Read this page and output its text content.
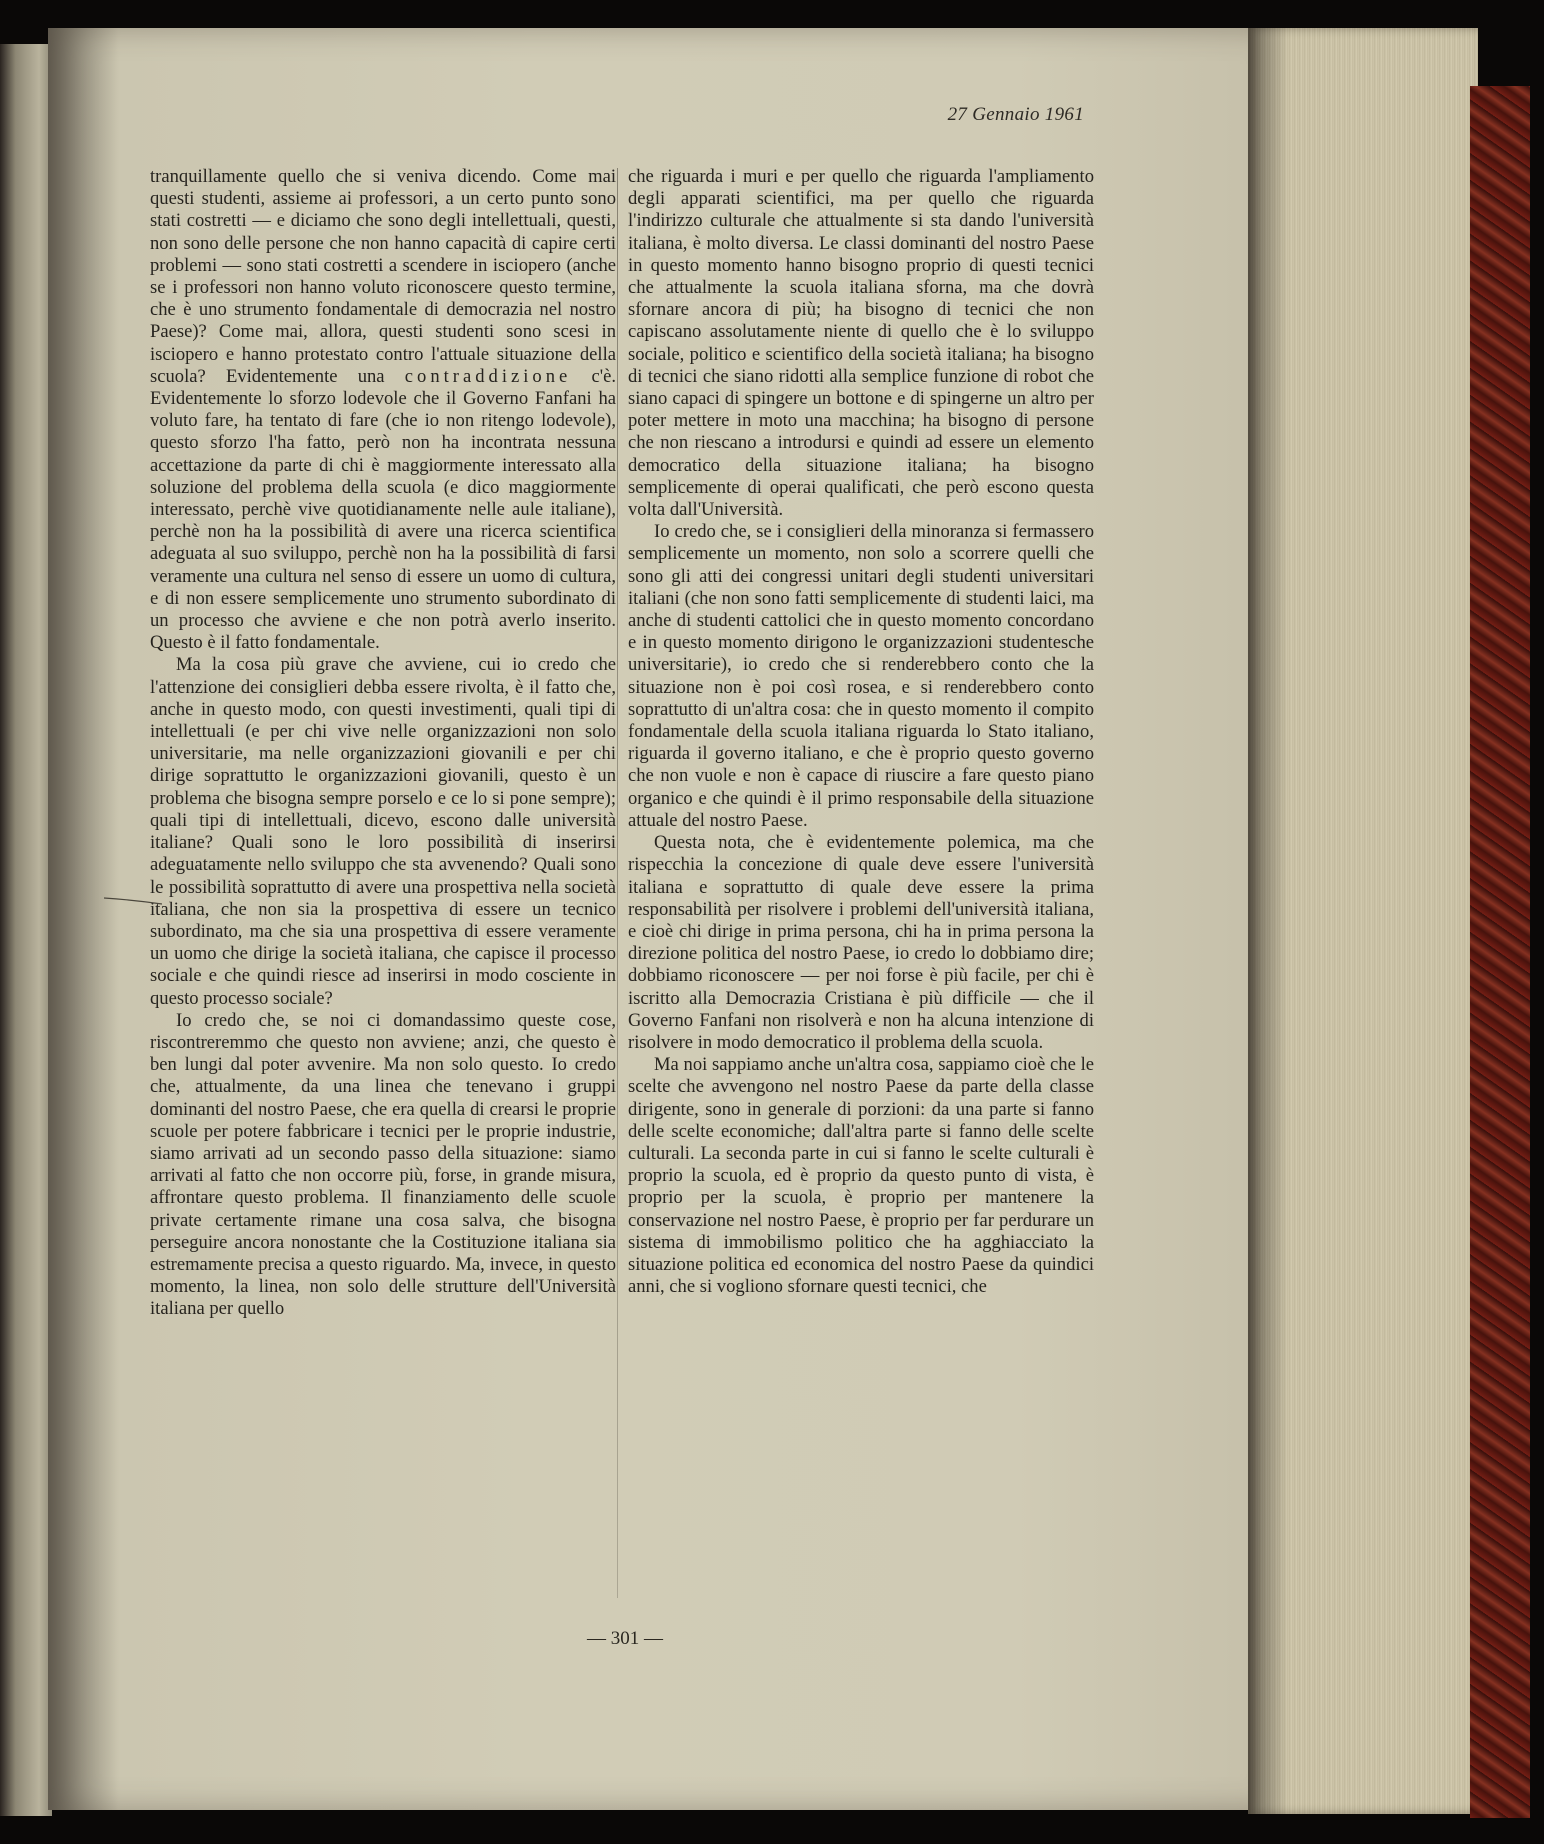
27 Gennaio 1961

tranquillamente quello che si veniva dicendo. Come mai questi studenti, assieme ai professori, a un certo punto sono stati costretti — e diciamo che sono degli intellettuali, questi, non sono delle persone che non hanno capacità di capire certi problemi — sono stati costretti a scendere in isciopero (anche se i professori non hanno voluto riconoscere questo termine, che è uno strumento fondamentale di democrazia nel nostro Paese)? Come mai, allora, questi studenti sono scesi in isciopero e hanno protestato contro l'attuale situazione della scuola? Evidentemente una contraddizione c'è. Evidentemente lo sforzo lodevole che il Governo Fanfani ha voluto fare, ha tentato di fare (che io non ritengo lodevole), questo sforzo l'ha fatto, però non ha incontrata nessuna accettazione da parte di chi è maggiormente interessato alla soluzione del problema della scuola (e dico maggiormente interessato, perchè vive quotidianamente nelle aule italiane), perchè non ha la possibilità di avere una ricerca scientifica adeguata al suo sviluppo, perchè non ha la possibilità di farsi veramente una cultura nel senso di essere un uomo di cultura, e di non essere semplicemente uno strumento subordinato di un processo che avviene e che non potrà averlo inserito. Questo è il fatto fondamentale.

Ma la cosa più grave che avviene, cui io credo che l'attenzione dei consiglieri debba essere rivolta, è il fatto che, anche in questo modo, con questi investimenti, quali tipi di intellettuali (e per chi vive nelle organizzazioni non solo universitarie, ma nelle organizzazioni giovanili e per chi dirige soprattutto le organizzazioni giovanili, questo è un problema che bisogna sempre porselo e ce lo si pone sempre); quali tipi di intellettuali, dicevo, escono dalle università italiane? Quali sono le loro possibilità di inserirsi adeguatamente nello sviluppo che sta avvenendo? Quali sono le possibilità soprattutto di avere una prospettiva nella società italiana, che non sia la prospettiva di essere un tecnico subordinato, ma che sia una prospettiva di essere veramente un uomo che dirige la società italiana, che capisce il processo sociale e che quindi riesce ad inserirsi in modo cosciente in questo processo sociale?

Io credo che, se noi ci domandassimo queste cose, riscontreremmo che questo non avviene; anzi, che questo è ben lungi dal poter avvenire. Ma non solo questo. Io credo che, attualmente, da una linea che tenevano i gruppi dominanti del nostro Paese, che era quella di crearsi le proprie scuole per potere fabbricare i tecnici per le proprie industrie, siamo arrivati ad un secondo passo della situazione: siamo arrivati al fatto che non occorre più, forse, in grande misura, affrontare questo problema. Il finanziamento delle scuole private certamente rimane una cosa salva, che bisogna perseguire ancora nonostante che la Costituzione italiana sia estremamente precisa a questo riguardo. Ma, invece, in questo momento, la linea, non solo delle strutture dell'Università italiana per quello

che riguarda i muri e per quello che riguarda l'ampliamento degli apparati scientifici, ma per quello che riguarda l'indirizzo culturale che attualmente si sta dando l'università italiana, è molto diversa. Le classi dominanti del nostro Paese in questo momento hanno bisogno proprio di questi tecnici che attualmente la scuola italiana sforna, ma che dovrà sfornare ancora di più; ha bisogno di tecnici che non capiscano assolutamente niente di quello che è lo sviluppo sociale, politico e scientifico della società italiana; ha bisogno di tecnici che siano ridotti alla semplice funzione di robot che siano capaci di spingere un bottone e di spingerne un altro per poter mettere in moto una macchina; ha bisogno di persone che non riescano a introdursi e quindi ad essere un elemento democratico della situazione italiana; ha bisogno semplicemente di operai qualificati, che però escono questa volta dall'Università.

Io credo che, se i consiglieri della minoranza si fermassero semplicemente un momento, non solo a scorrere quelli che sono gli atti dei congressi unitari degli studenti universitari italiani (che non sono fatti semplicemente di studenti laici, ma anche di studenti cattolici che in questo momento concordano e in questo momento dirigono le organizzazioni studentesche universitarie), io credo che si renderebbero conto che la situazione non è poi così rosea, e si renderebbero conto soprattutto di un'altra cosa: che in questo momento il compito fondamentale della scuola italiana riguarda lo Stato italiano, riguarda il governo italiano, e che è proprio questo governo che non vuole e non è capace di riuscire a fare questo piano organico e che quindi è il primo responsabile della situazione attuale del nostro Paese.

Questa nota, che è evidentemente polemica, ma che rispecchia la concezione di quale deve essere l'università italiana e soprattutto di quale deve essere la prima responsabilità per risolvere i problemi dell'università italiana, e cioè chi dirige in prima persona, chi ha in prima persona la direzione politica del nostro Paese, io credo lo dobbiamo dire; dobbiamo riconoscere — per noi forse è più facile, per chi è iscritto alla Democrazia Cristiana è più difficile — che il Governo Fanfani non risolverà e non ha alcuna intenzione di risolvere in modo democratico il problema della scuola.

Ma noi sappiamo anche un'altra cosa, sappiamo cioè che le scelte che avvengono nel nostro Paese da parte della classe dirigente, sono in generale di porzioni: da una parte si fanno delle scelte economiche; dall'altra parte si fanno delle scelte culturali. La seconda parte in cui si fanno le scelte culturali è proprio la scuola, ed è proprio da questo punto di vista, è proprio per la scuola, è proprio per mantenere la conservazione nel nostro Paese, è proprio per far perdurare un sistema di immobilismo politico che ha agghiacciato la situazione politica ed economica del nostro Paese da quindici anni, che si vogliono sfornare questi tecnici, che

— 301 —
